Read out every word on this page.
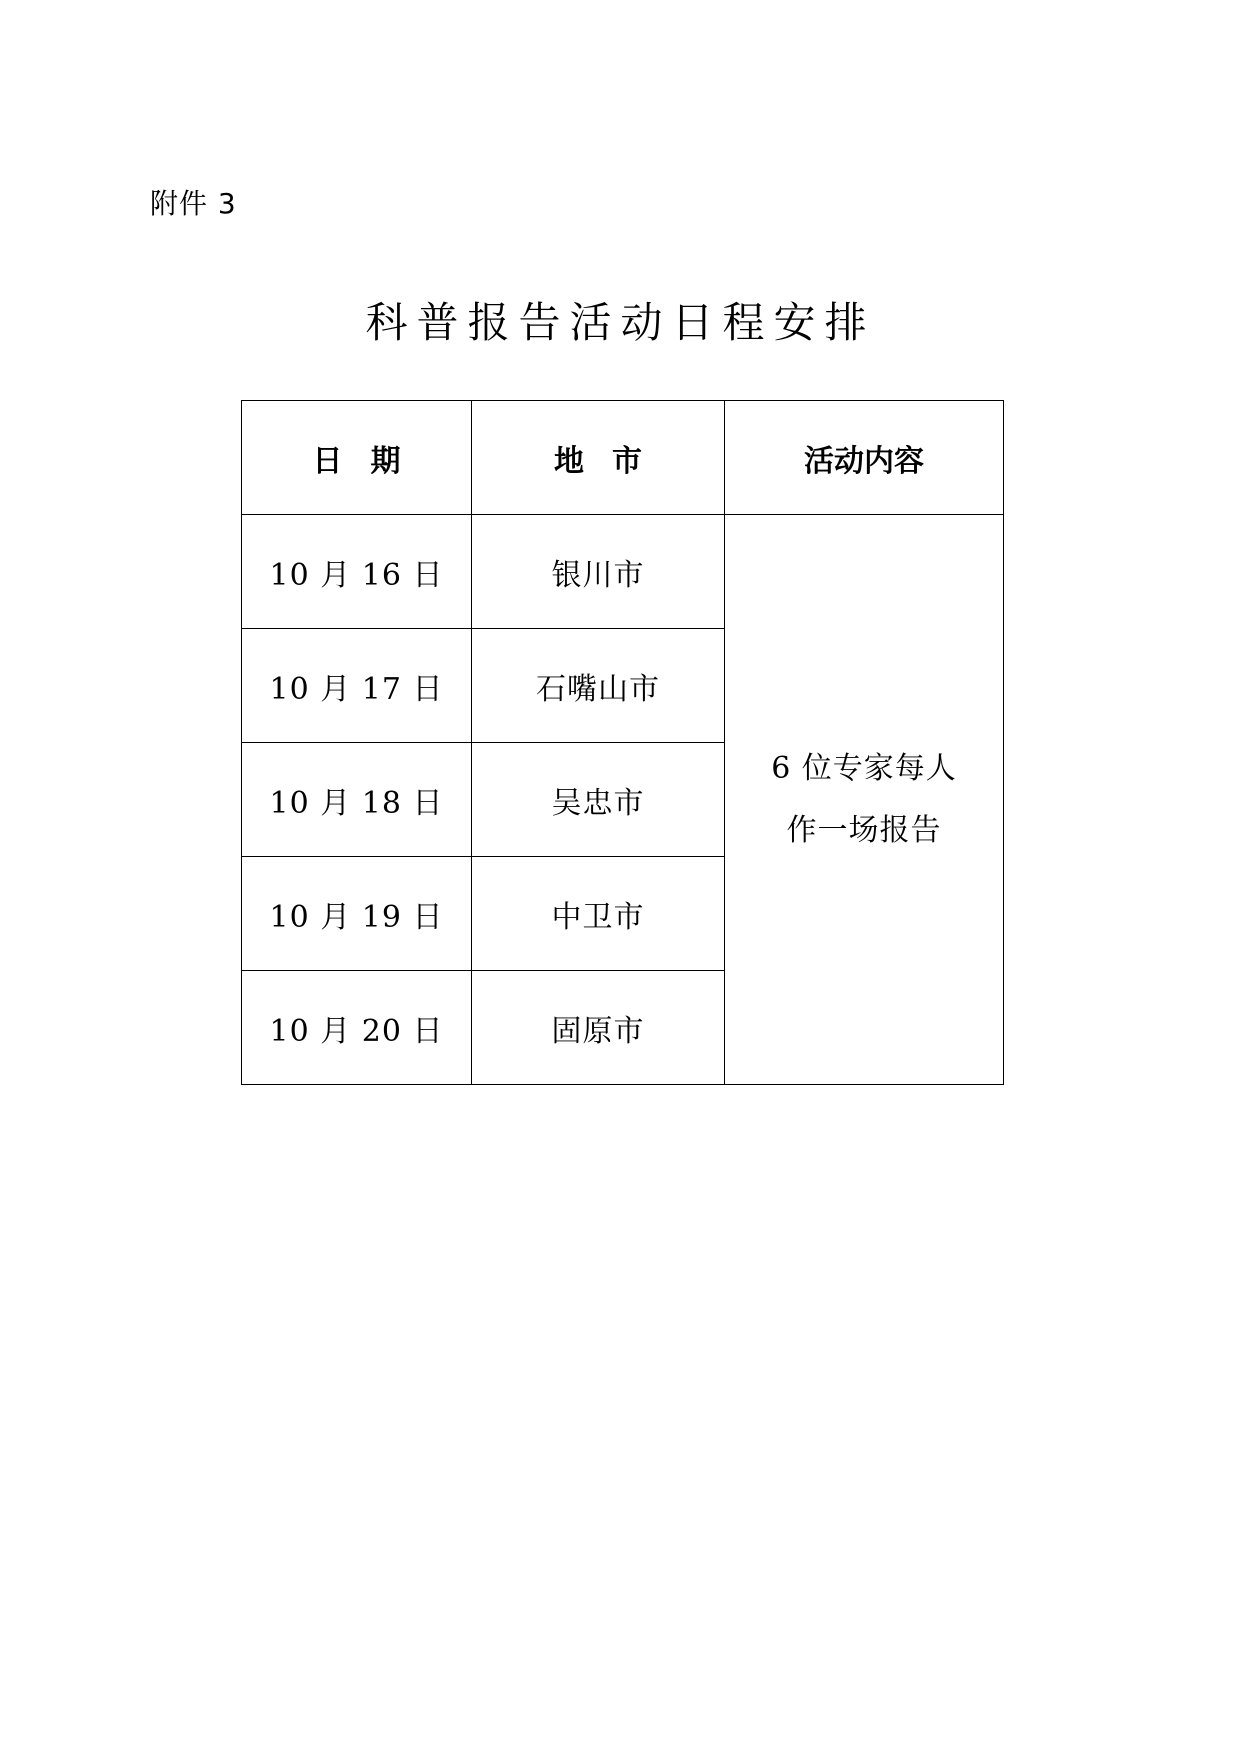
附件 3
科普报告活动日程安排
日期	地市	活动内容
10 月 16 日	银川市	6 位专家每人
作一场报告

10 月 17 日	石嘴山市	
10 月 18 日	吴忠市	
10 月 19 日	中卫市	
10 月 20 日	固原市	
